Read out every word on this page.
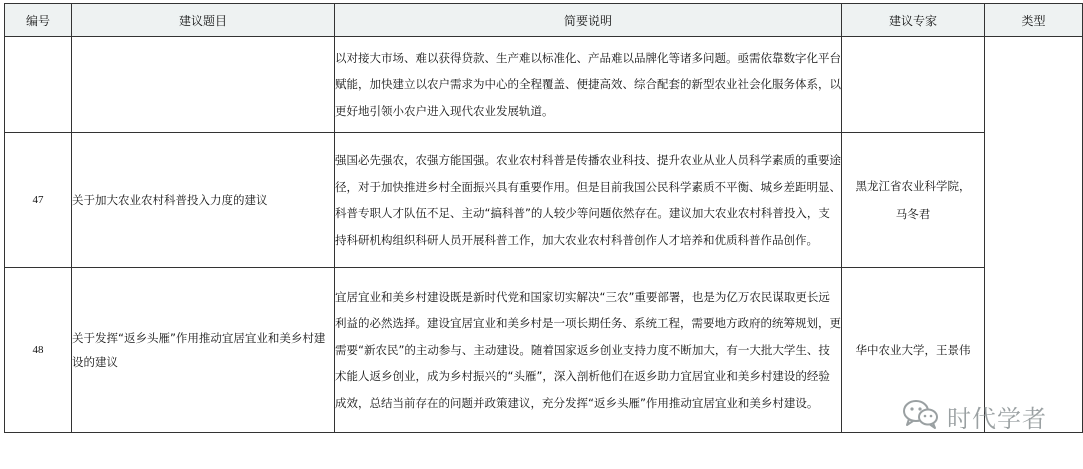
编号	建议题目	简要说明	建议专家	类型

		以对接大市场、难以获得贷款、生产难以标准化、产品难以品牌化等诸多问题。亟需依靠数字化平台赋能，加快建立以农户需求为中心的全程覆盖、便捷高效、综合配套的新型农业社会化服务体系，以更好地引领小农户进入现代农业发展轨道。		

47	关于加大农业农村科普投入力度的建议	强国必先强农，农强方能国强。农业农村科普是传播农业科技、提升农业从业人员科学素质的重要途径，对于加快推进乡村全面振兴具有重要作用。但是目前我国公民科学素质不平衡、城乡差距明显、科普专职人才队伍不足、主动“搞科普”的人较少等问题依然存在。建议加大农业农村科普投入，支持科研机构组织科研人员开展科普工作，加大农业农村科普创作人才培养和优质科普作品创作。	黑龙江省农业科学院，
马冬君	

48	关于发挥“返乡头雁”作用推动宜居宜业和美乡村建设的建议	宜居宜业和美乡村建设既是新时代党和国家切实解决“三农”重要部署，也是为亿万农民谋取更长远利益的必然选择。建设宜居宜业和美乡村是一项长期任务、系统工程，需要地方政府的统筹规划，更需要“新农民”的主动参与、主动建设。随着国家返乡创业支持力度不断加大，有一大批大学生、技术能人返乡创业，成为乡村振兴的“头雁”，深入剖析他们在返乡助力宜居宜业和美乡村建设的经验成效，总结当前存在的问题并政策建议，充分发挥“返乡头雁”作用推动宜居宜业和美乡村建设。	华中农业大学，王景伟	
时代学者
